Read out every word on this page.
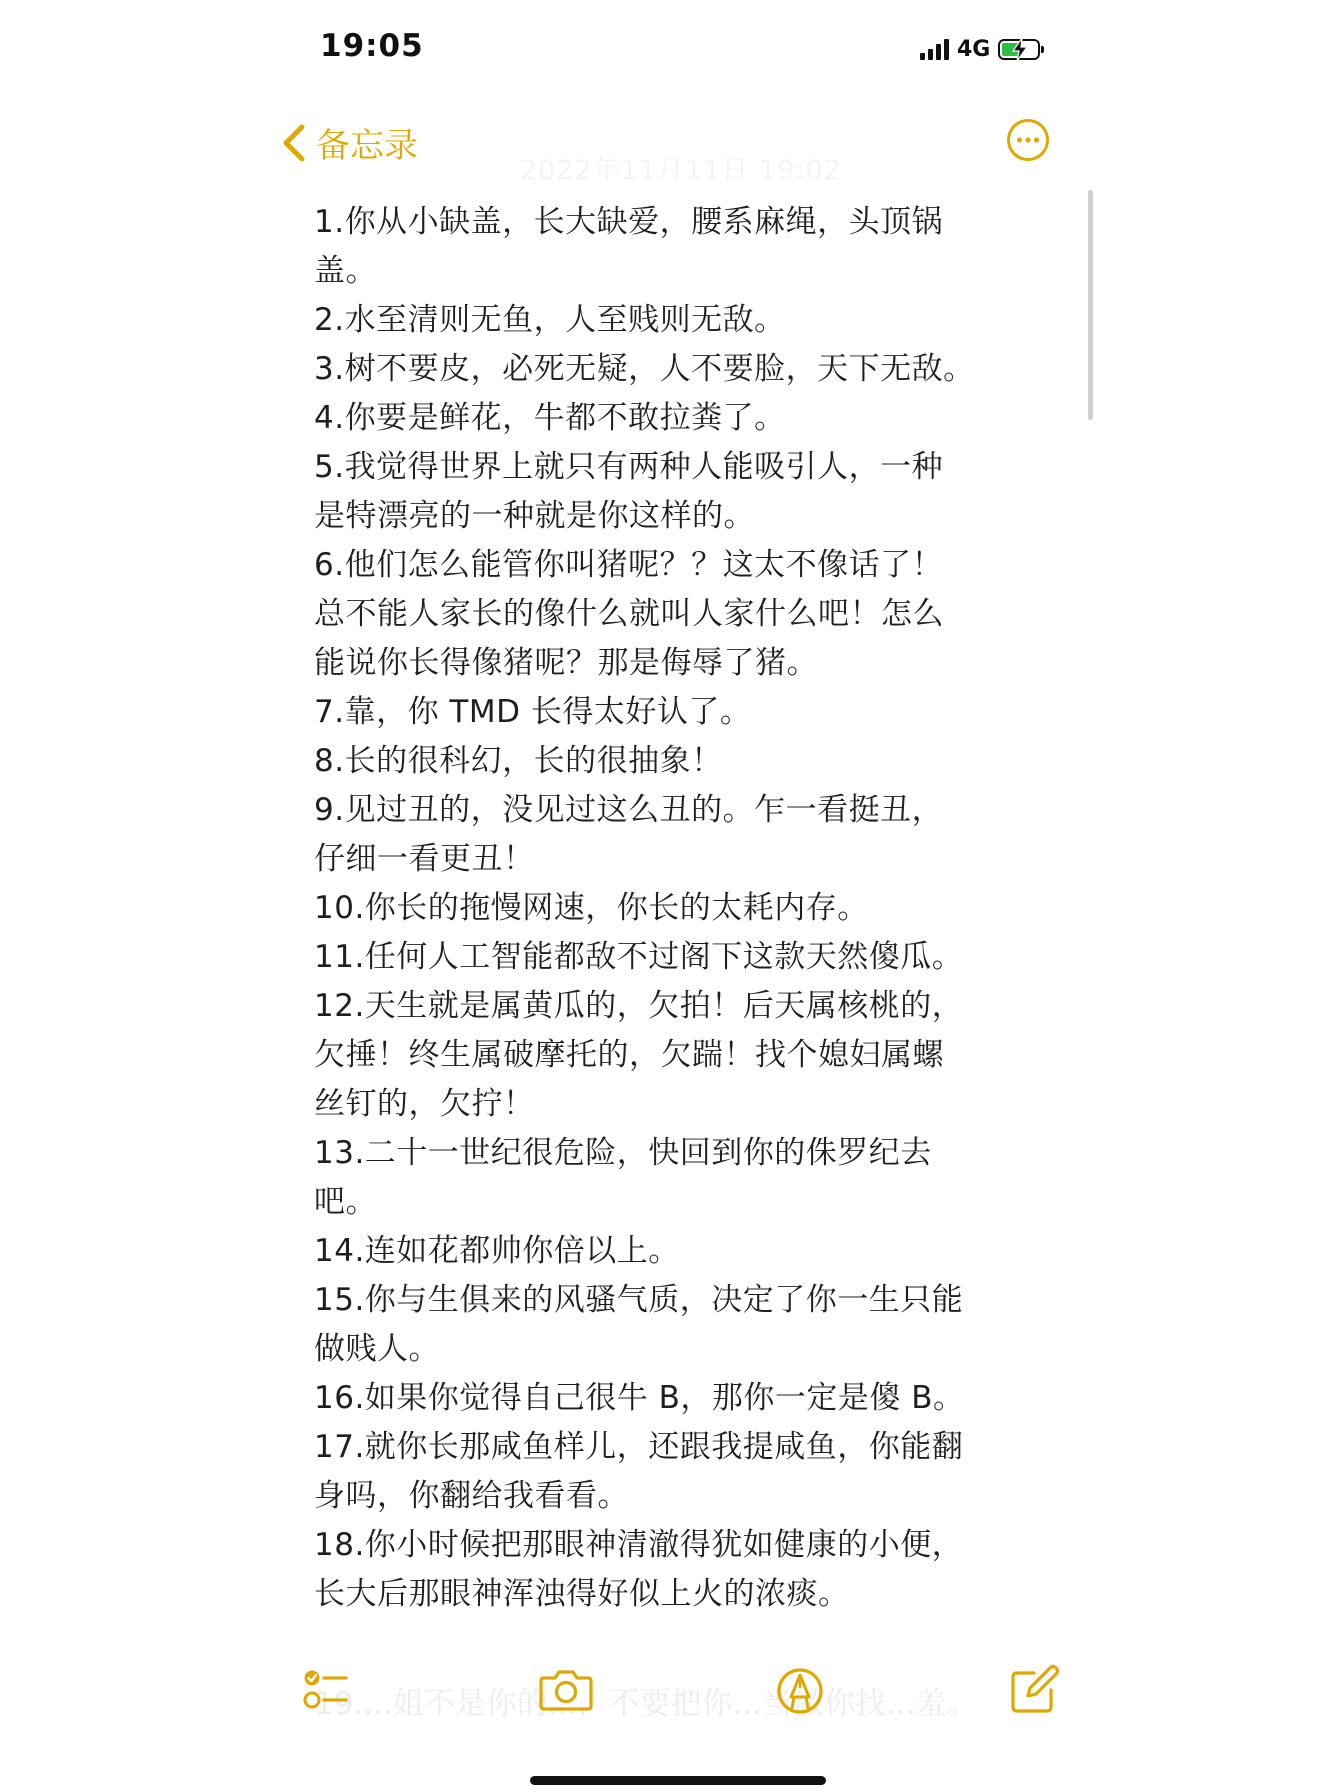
19:05	4G
备忘录
2022年11月11日 19:02
1.你从小缺盖，长大缺爱，腰系麻绳，头顶锅
盖。
2.水至清则无鱼，人至贱则无敌。
3.树不要皮，必死无疑，人不要脸，天下无敌。
4.你要是鲜花，牛都不敢拉粪了。
5.我觉得世界上就只有两种人能吸引人，一种
是特漂亮的一种就是你这样的。
6.他们怎么能管你叫猪呢？？这太不像话了！
总不能人家长的像什么就叫人家什么吧！怎么
能说你长得像猪呢？那是侮辱了猪。
7.靠，你 TMD 长得太好认了。
8.长的很科幻，长的很抽象！
9.见过丑的，没见过这么丑的。乍一看挺丑，
仔细一看更丑！
10.你长的拖慢网速，你长的太耗内存。
11.任何人工智能都敌不过阁下这款天然傻瓜。
12.天生就是属黄瓜的，欠拍！后天属核桃的，
欠捶！终生属破摩托的，欠踹！找个媳妇属螺
丝钉的，欠拧！
13.二十一世纪很危险，快回到你的侏罗纪去
吧。
14.连如花都帅你倍以上。
15.你与生俱来的风骚气质，决定了你一生只能
做贱人。
16.如果你觉得自己很牛 B，那你一定是傻 B。
17.就你长那咸鱼样儿，还跟我提咸鱼，你能翻
身吗，你翻给我看看。
18.你小时候把那眼神清澈得犹如健康的小便，
长大后那眼神浑浊得好似上火的浓痰。
19....姐不是你的...，不要把你...当做你找...羞。
